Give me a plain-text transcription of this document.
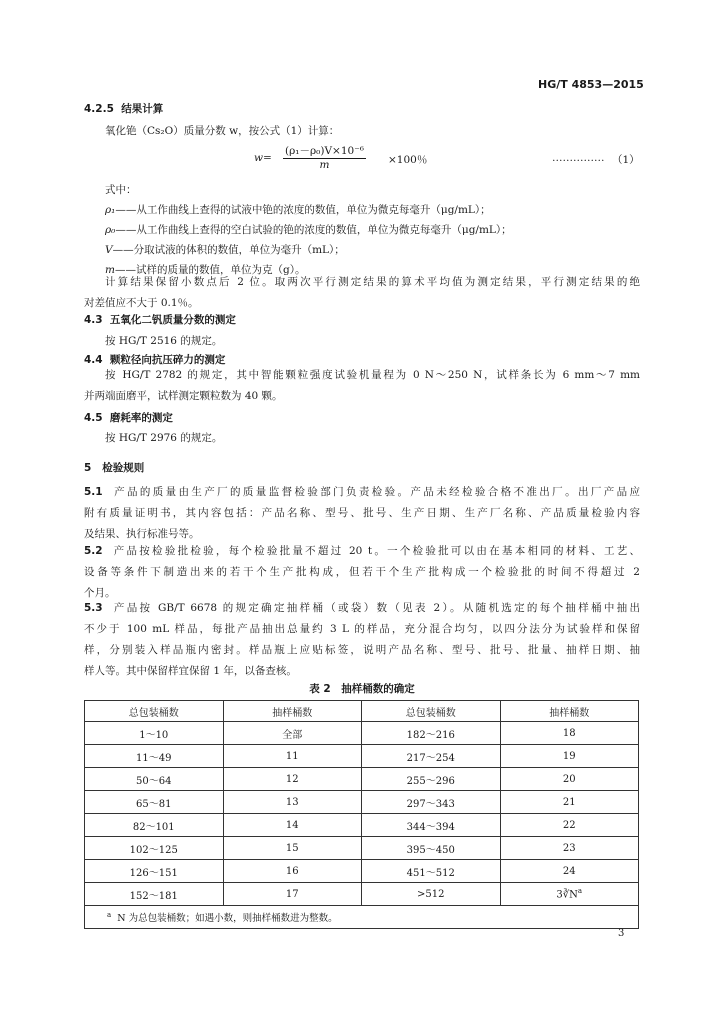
HG/T 4853—2015
4.2.5 结果计算
氧化铯（Cs₂O）质量分数 w，按公式（1）计算：
$w= \frac{\text{(ρ₁－ρ₀)V×10⁻⁶}}{m} \times 100$％	…………… （1）
式中：
ρ₁——从工作曲线上查得的试液中铯的浓度的数值，单位为微克每毫升（μg/mL）；
ρ₀——从工作曲线上查得的空白试验的铯的浓度的数值，单位为微克每毫升（μg/mL）；
V——分取试液的体积的数值，单位为毫升（mL）；
m——试样的质量的数值，单位为克（g）。
计算结果保留小数点后 2 位。取两次平行测定结果的算术平均值为测定结果，平行测定结果的绝
对差值应不大于 0.1％。
4.3 五氧化二钒质量分数的测定
按 HG/T 2516 的规定。
4.4 颗粒径向抗压碎力的测定
按 HG/T 2782 的规定，其中智能颗粒强度试验机量程为 0 N～250 N，试样条长为 6 mm～7 mm
并两端面磨平，试样测定颗粒数为 40 颗。
4.5 磨耗率的测定
按 HG/T 2976 的规定。
5 检验规则
5.1 产品的质量由生产厂的质量监督检验部门负责检验。产品未经检验合格不准出厂。出厂产品应
附有质量证明书，其内容包括：产品名称、型号、批号、生产日期、生产厂名称、产品质量检验内容
及结果、执行标准号等。
5.2 产品按检验批检验，每个检验批量不超过 20 t。一个检验批可以由在基本相同的材料、工艺、
设备等条件下制造出来的若干个生产批构成，但若干个生产批构成一个检验批的时间不得超过 2
个月。
5.3 产品按 GB/T 6678 的规定确定抽样桶（或袋）数（见表 2）。从随机选定的每个抽样桶中抽出
不少于 100 mL 样品，每批产品抽出总量约 3 L 的样品，充分混合均匀，以四分法分为试验样和保留
样，分别装入样品瓶内密封。样品瓶上应贴标签，说明产品名称、型号、批号、批量、抽样日期、抽
样人等。其中保留样宜保留 1 年，以备查核。
表 2　抽样桶数的确定
总包装桶数	抽样桶数	总包装桶数	抽样桶数
1～10	全部	182～216	18
11～49	11	217～254	19
50～64	12	255～296	20
65～81	13	297～343	21
82～101	14	344～394	22
102～125	15	395～450	23
126～151	16	451～512	24
152～181	17	>512	$3∛N^a$
$^a$ N 为总包装桶数；如遇小数，则抽样桶数进为整数。			
3
